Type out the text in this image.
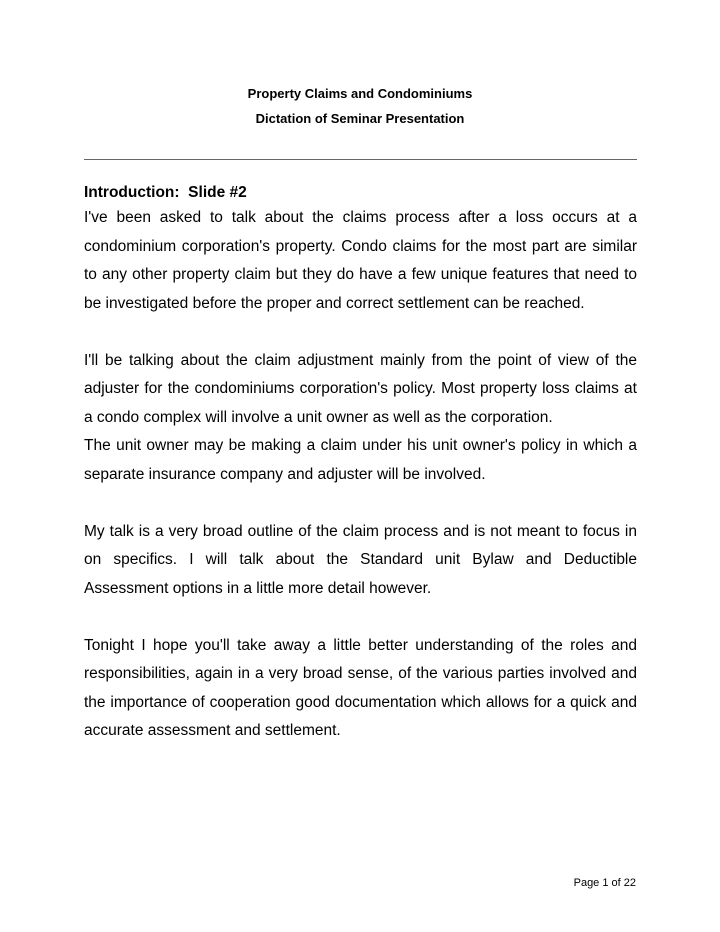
Property Claims and Condominiums
Dictation of Seminar Presentation

Introduction:  Slide #2

I've been asked to talk about the claims process after a loss occurs at a condominium corporation's property. Condo claims for the most part are similar to any other property claim but they do have a few unique features that need to be investigated before the proper and correct settlement can be reached.

I'll be talking about the claim adjustment mainly from the point of view of the adjuster for the condominiums corporation's policy. Most property loss claims at a condo complex will involve a unit owner as well as the corporation.

The unit owner may be making a claim under his unit owner's policy in which a separate insurance company and adjuster will be involved.

My talk is a very broad outline of the claim process and is not meant to focus in on specifics. I will talk about the Standard unit Bylaw and Deductible Assessment options in a little more detail however.

Tonight I hope you'll take away a little better understanding of the roles and responsibilities, again in a very broad sense, of the various parties involved and the importance of cooperation good documentation which allows for a quick and accurate assessment and settlement.

Page 1 of 22
